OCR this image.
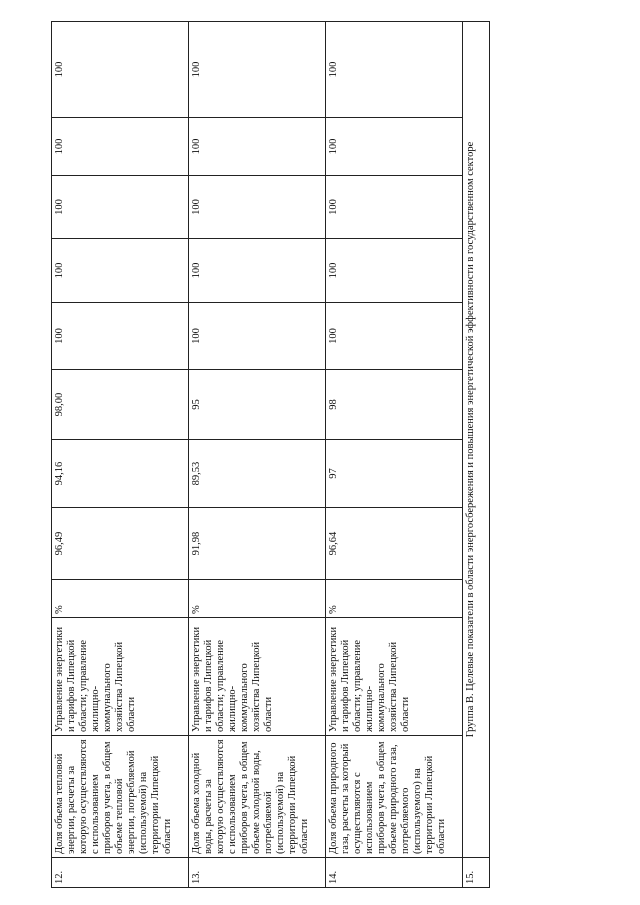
12.	Доля объема тепловой энергии, расчеты за которую осуществляются с использованием приборов учета, в общем объеме тепловой энергии, потребляемой (используемой) на территории Липецкой области	Управление энергетики и тарифов Липецкой области; управление жилищно-коммунального хозяйства Липецкой области	%	96,49	94,16	98,00	100	100	100	100	100
13.	Доля объема холодной воды, расчеты за которую осуществляются с использованием приборов учета, в общем объеме холодной воды, потребляемой (используемой) на территории Липецкой области	Управление энергетики и тарифов Липецкой области; управление жилищно-коммунального хозяйства Липецкой области	%	91,98	89,53	95	100	100	100	100	100
14.	Доля объема природного газа, расчеты за который осуществляются с использованием приборов учета, в общем объеме природного газа, потребляемого (используемого) на территории Липецкой области	Управление энергетики и тарифов Липецкой области; управление жилищно-коммунального хозяйства Липецкой области	%	96,64	97	98	100	100	100	100	100
15.	Группа В. Целевые показатели в области энергосбережения и повышения энергетической эффективности в государственном секторе										
